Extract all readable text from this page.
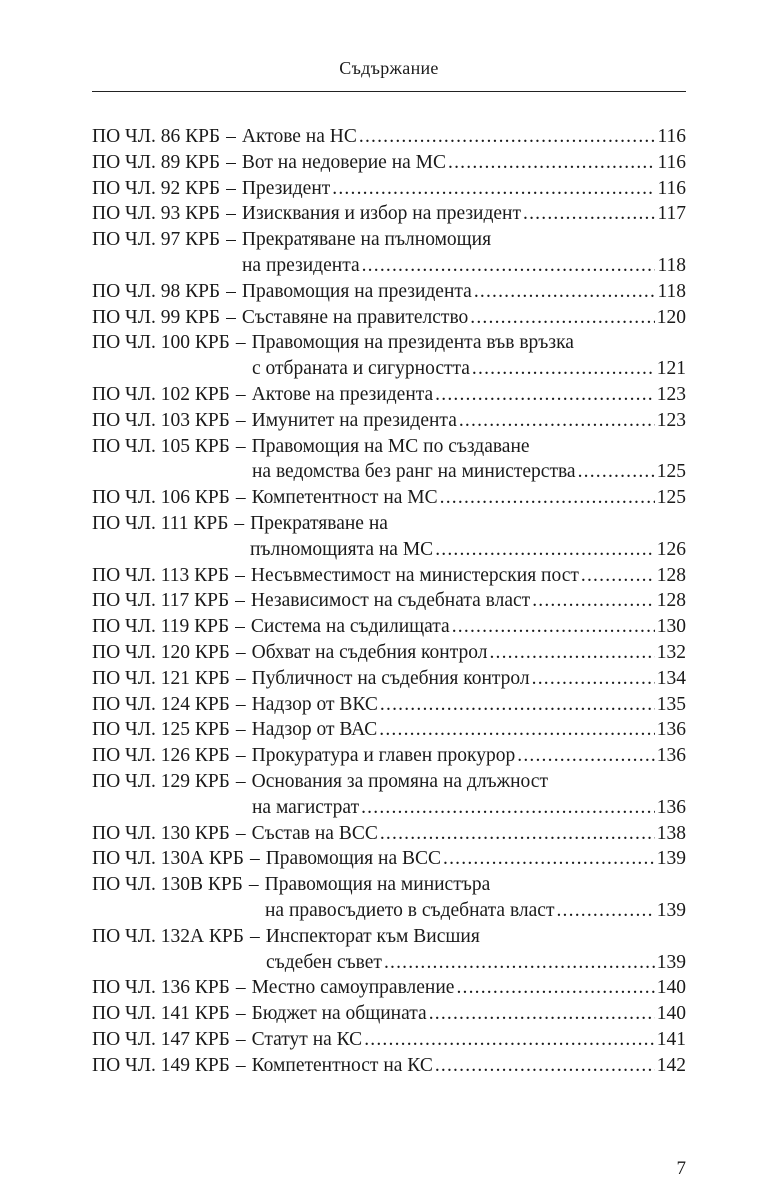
Съдържание
ПО ЧЛ. 86 КРБ – Актове на НС .....	116
ПО ЧЛ. 89 КРБ – Вот на недоверие на МС .....	116
ПО ЧЛ. 92 КРБ – Президент .....	116
ПО ЧЛ. 93 КРБ – Изисквания и избор на президент .....	117
ПО ЧЛ. 97 КРБ – Прекратяване на пълномощия
на президента .....	118
ПО ЧЛ. 98 КРБ – Правомощия на президента .....	118
ПО ЧЛ. 99 КРБ – Съставяне на правителство .....	120
ПО ЧЛ. 100 КРБ – Правомощия на президента във връзка
с отбраната и сигурността .....	121
ПО ЧЛ. 102 КРБ – Актове на президента .....	123
ПО ЧЛ. 103 КРБ – Имунитет на президента .....	123
ПО ЧЛ. 105 КРБ – Правомощия на МС по създаване
на ведомства без ранг на министерства .....	125
ПО ЧЛ. 106 КРБ – Компетентност на МС .....	125
ПО ЧЛ. 111 КРБ – Прекратяване на
пълномощията на МС .....	126
ПО ЧЛ. 113 КРБ – Несъвместимост на министерския пост .....	128
ПО ЧЛ. 117 КРБ – Независимост на съдебната власт .....	128
ПО ЧЛ. 119 КРБ – Система на съдилищата .....	130
ПО ЧЛ. 120 КРБ – Обхват на съдебния контрол .....	132
ПО ЧЛ. 121 КРБ – Публичност на съдебния контрол .....	134
ПО ЧЛ. 124 КРБ – Надзор от ВКС .....	135
ПО ЧЛ. 125 КРБ – Надзор от ВАС .....	136
ПО ЧЛ. 126 КРБ – Прокуратура и главен прокурор .....	136
ПО ЧЛ. 129 КРБ – Основания за промяна на длъжност
на магистрат .....	136
ПО ЧЛ. 130 КРБ – Състав на ВСС .....	138
ПО ЧЛ. 130А КРБ – Правомощия на ВСС .....	139
ПО ЧЛ. 130В КРБ – Правомощия на министъра
на правосъдието в съдебната власт .....	139
ПО ЧЛ. 132А КРБ – Инспекторат към Висшия
съдебен съвет .....	139
ПО ЧЛ. 136 КРБ – Местно самоуправление .....	140
ПО ЧЛ. 141 КРБ – Бюджет на общината .....	140
ПО ЧЛ. 147 КРБ – Статут на КС .....	141
ПО ЧЛ. 149 КРБ – Компетентност на КС .....	142
7
